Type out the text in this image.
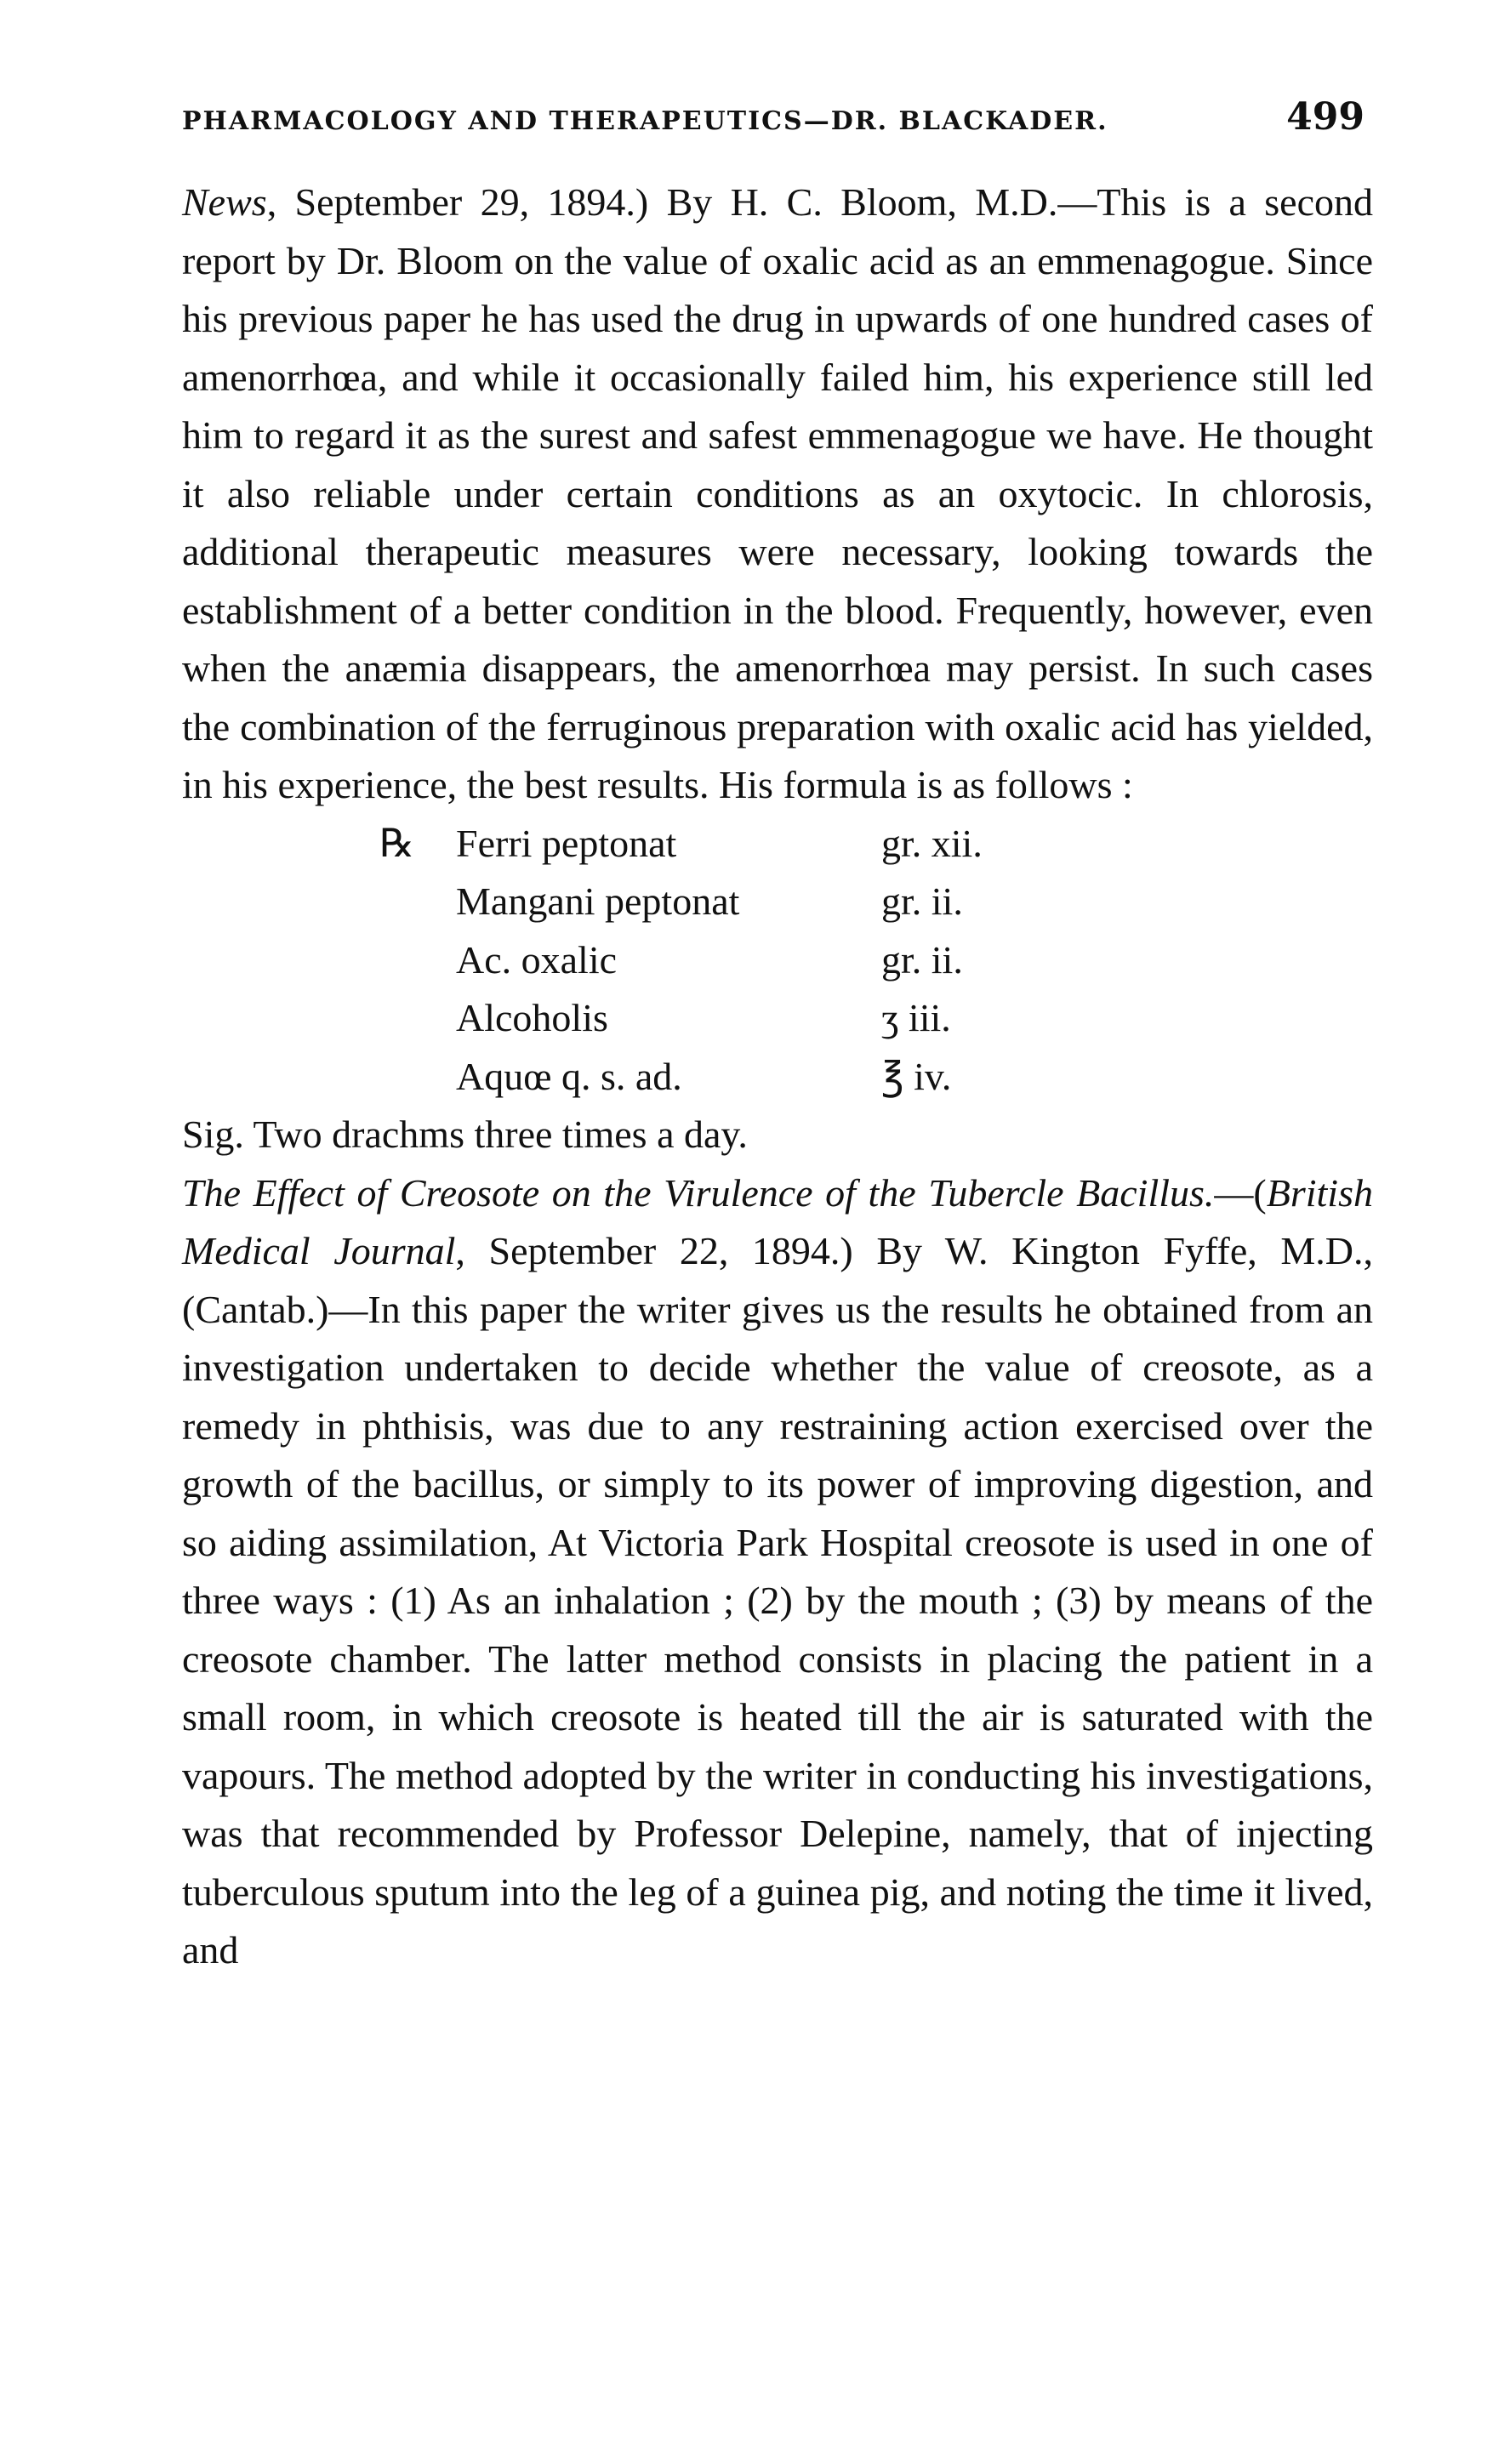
PHARMACOLOGY AND THERAPEUTICS—DR. BLACKADER.	499

News, September 29, 1894.) By H. C. Bloom, M.D.—This is a second report by Dr. Bloom on the value of oxalic acid as an emmenagogue. Since his previous paper he has used the drug in upwards of one hundred cases of amenorrhœa, and while it occasionally failed him, his experience still led him to regard it as the surest and safest emmenagogue we have. He thought it also reliable under certain conditions as an oxytocic. In chlorosis, additional therapeutic measures were necessary, looking towards the establishment of a better condition in the blood. Frequently, however, even when the anæmia disappears, the amenorrhœa may persist. In such cases the combination of the ferruginous preparation with oxalic acid has yielded, in his experience, the best results. His formula is as follows :

℞	Ferri peptonat	gr. xii.
Mangani peptonat	gr. ii.
Ac. oxalic	gr. ii.
Alcoholis	ʒ iii.
Aquœ q. s. ad.	℥ iv.

Sig. Two drachms three times a day.

The Effect of Creosote on the Virulence of the Tubercle Bacillus.—(British Medical Journal, September 22, 1894.) By W. Kington Fyffe, M.D., (Cantab.)—In this paper the writer gives us the results he obtained from an investigation undertaken to decide whether the value of creosote, as a remedy in phthisis, was due to any restraining action exercised over the growth of the bacillus, or simply to its power of improving digestion, and so aiding assimilation, At Victoria Park Hospital creosote is used in one of three ways : (1) As an inhalation ; (2) by the mouth ; (3) by means of the creosote chamber. The latter method consists in placing the patient in a small room, in which creosote is heated till the air is saturated with the vapours. The method adopted by the writer in conducting his investigations, was that recommended by Professor Delepine, namely, that of injecting tuberculous sputum into the leg of a guinea pig, and noting the time it lived, and
